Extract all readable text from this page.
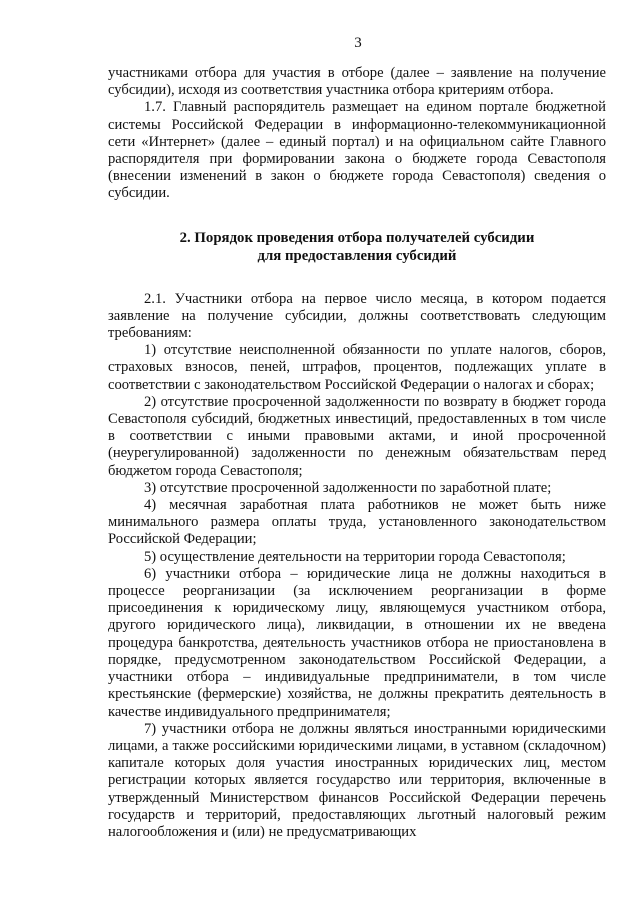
3

участниками отбора для участия в отборе (далее – заявление на получение субсидии), исходя из соответствия участника отбора критериям отбора.

1.7. Главный распорядитель размещает на едином портале бюджетной системы Российской Федерации в информационно-телекоммуникационной сети «Интернет» (далее – единый портал) и на официальном сайте Главного распорядителя при формировании закона о бюджете города Севастополя (внесении изменений в закон о бюджете города Севастополя) сведения о субсидии.

2. Порядок проведения отбора получателей субсидии
для предоставления субсидий

2.1. Участники отбора на первое число месяца, в котором подается заявление на получение субсидии, должны соответствовать следующим требованиям:

1) отсутствие неисполненной обязанности по уплате налогов, сборов, страховых взносов, пеней, штрафов, процентов, подлежащих уплате в соответствии с законодательством Российской Федерации о налогах и сборах;

2) отсутствие просроченной задолженности по возврату в бюджет города Севастополя субсидий, бюджетных инвестиций, предоставленных в том числе в соответствии с иными правовыми актами, и иной просроченной (неурегулированной) задолженности по денежным обязательствам перед бюджетом города Севастополя;

3) отсутствие просроченной задолженности по заработной плате;

4) месячная заработная плата работников не может быть ниже минимального размера оплаты труда, установленного законодательством Российской Федерации;

5) осуществление деятельности на территории города Севастополя;

6) участники отбора – юридические лица не должны находиться в процессе реорганизации (за исключением реорганизации в форме присоединения к юридическому лицу, являющемуся участником отбора, другого юридического лица), ликвидации, в отношении их не введена процедура банкротства, деятельность участников отбора не приостановлена в порядке, предусмотренном законодательством Российской Федерации, а участники отбора – индивидуальные предприниматели, в том числе крестьянские (фермерские) хозяйства, не должны прекратить деятельность в качестве индивидуального предпринимателя;

7) участники отбора не должны являться иностранными юридическими лицами, а также российскими юридическими лицами, в уставном (складочном) капитале которых доля участия иностранных юридических лиц, местом регистрации которых является государство или территория, включенные в утвержденный Министерством финансов Российской Федерации перечень государств и территорий, предоставляющих льготный налоговый режим налогообложения и (или) не предусматривающих
